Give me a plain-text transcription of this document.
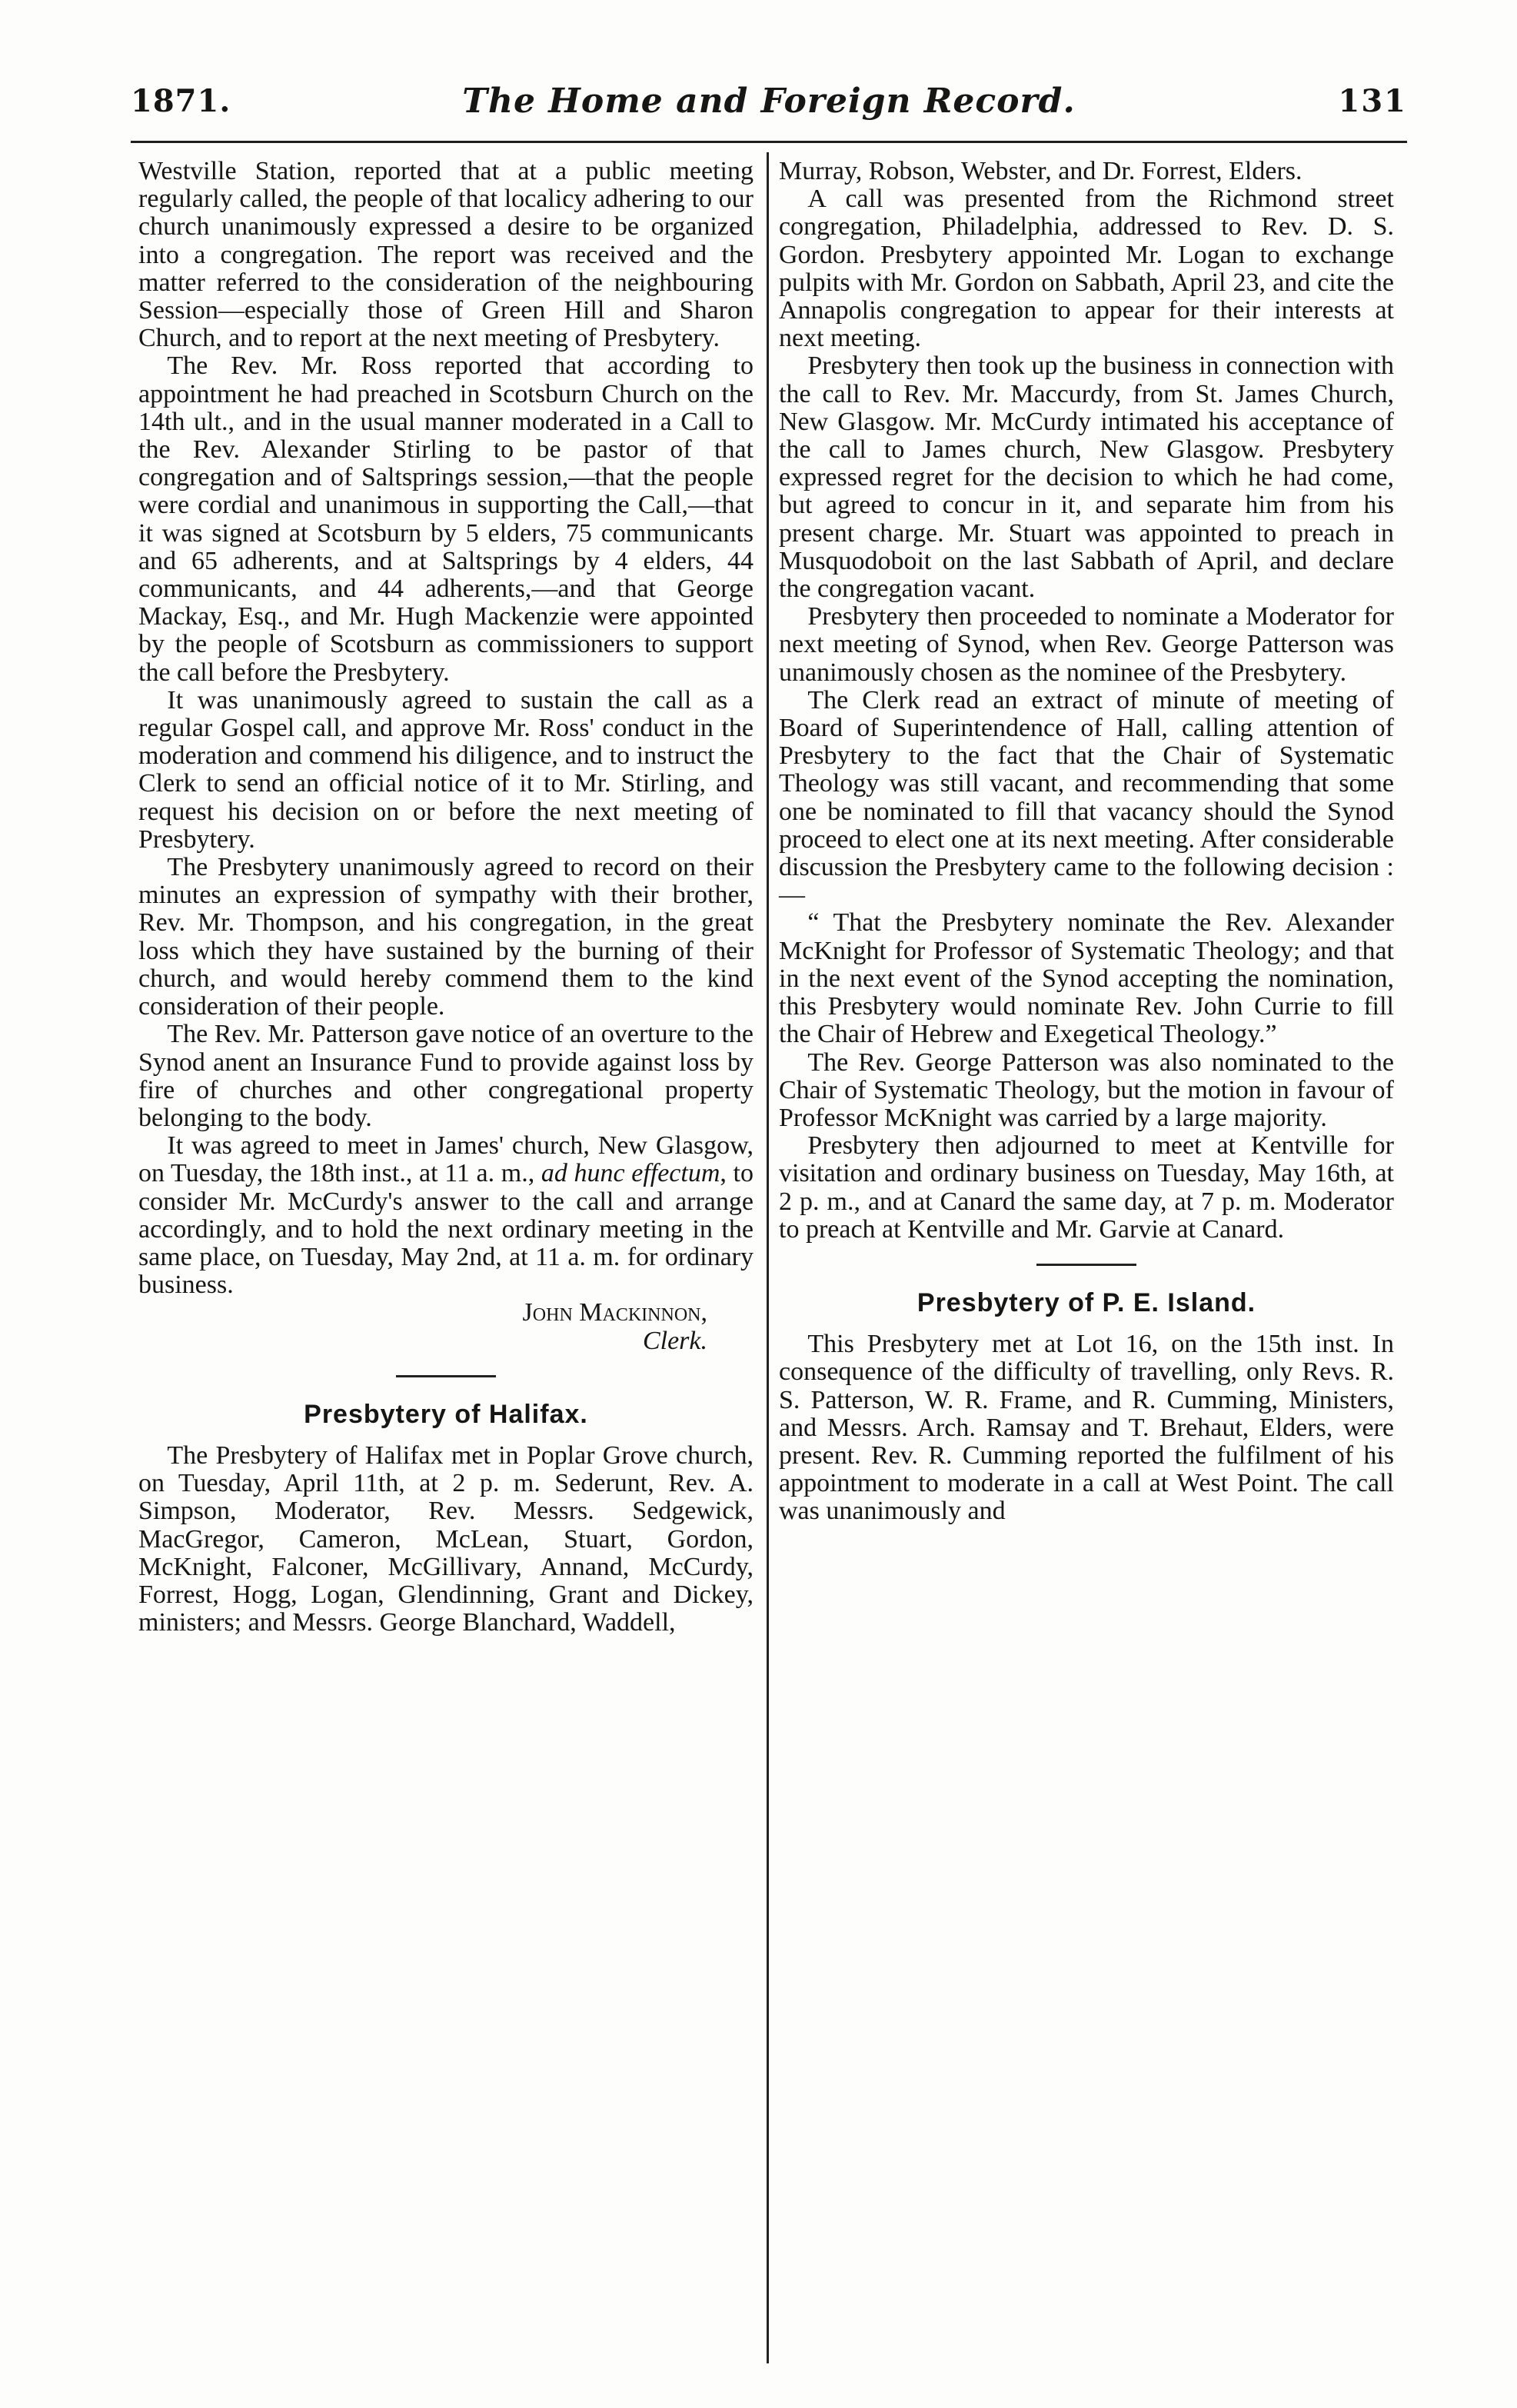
1871.	The Home and Foreign Record.	131

Westville Station, reported that at a public meeting regularly called, the people of that localicy adhering to our church unanimously expressed a desire to be organized into a congregation. The report was received and the matter referred to the consideration of the neighbouring Session—especially those of Green Hill and Sharon Church, and to report at the next meeting of Presbytery.

The Rev. Mr. Ross reported that according to appointment he had preached in Scotsburn Church on the 14th ult., and in the usual manner moderated in a Call to the Rev. Alexander Stirling to be pastor of that congregation and of Saltsprings session,—that the people were cordial and unanimous in supporting the Call,—that it was signed at Scotsburn by 5 elders, 75 communicants and 65 adherents, and at Saltsprings by 4 elders, 44 communicants, and 44 adherents,—and that George Mackay, Esq., and Mr. Hugh Mackenzie were appointed by the people of Scotsburn as commissioners to support the call before the Presbytery.

It was unanimously agreed to sustain the call as a regular Gospel call, and approve Mr. Ross' conduct in the moderation and commend his diligence, and to instruct the Clerk to send an official notice of it to Mr. Stirling, and request his decision on or before the next meeting of Presbytery.

The Presbytery unanimously agreed to record on their minutes an expression of sympathy with their brother, Rev. Mr. Thompson, and his congregation, in the great loss which they have sustained by the burning of their church, and would hereby commend them to the kind consideration of their people.

The Rev. Mr. Patterson gave notice of an overture to the Synod anent an Insurance Fund to provide against loss by fire of churches and other congregational property belonging to the body.

It was agreed to meet in James' church, New Glasgow, on Tuesday, the 18th inst., at 11 a. m., ad hunc effectum, to consider Mr. McCurdy's answer to the call and arrange accordingly, and to hold the next ordinary meeting in the same place, on Tuesday, May 2nd, at 11 a. m. for ordinary business.

John Mackinnon,

Clerk.

Presbytery of Halifax.

The Presbytery of Halifax met in Poplar Grove church, on Tuesday, April 11th, at 2 p. m. Sederunt, Rev. A. Simpson, Moderator, Rev. Messrs. Sedgewick, MacGregor, Cameron, McLean, Stuart, Gordon, McKnight, Falconer, McGillivary, Annand, McCurdy, Forrest, Hogg, Logan, Glendinning, Grant and Dickey, ministers; and Messrs. George Blanchard, Waddell,

Murray, Robson, Webster, and Dr. Forrest, Elders.

A call was presented from the Richmond street congregation, Philadelphia, addressed to Rev. D. S. Gordon. Presbytery appointed Mr. Logan to exchange pulpits with Mr. Gordon on Sabbath, April 23, and cite the Annapolis congregation to appear for their interests at next meeting.

Presbytery then took up the business in connection with the call to Rev. Mr. Maccurdy, from St. James Church, New Glasgow. Mr. McCurdy intimated his acceptance of the call to James church, New Glasgow. Presbytery expressed regret for the decision to which he had come, but agreed to concur in it, and separate him from his present charge. Mr. Stuart was appointed to preach in Musquodoboit on the last Sabbath of April, and declare the congregation vacant.

Presbytery then proceeded to nominate a Moderator for next meeting of Synod, when Rev. George Patterson was unanimously chosen as the nominee of the Presbytery.

The Clerk read an extract of minute of meeting of Board of Superintendence of Hall, calling attention of Presbytery to the fact that the Chair of Systematic Theology was still vacant, and recommending that some one be nominated to fill that vacancy should the Synod proceed to elect one at its next meeting. After considerable discussion the Presbytery came to the following decision :—

“ That the Presbytery nominate the Rev. Alexander McKnight for Professor of Systematic Theology; and that in the next event of the Synod accepting the nomination, this Presbytery would nominate Rev. John Currie to fill the Chair of Hebrew and Exegetical Theology.”

The Rev. George Patterson was also nominated to the Chair of Systematic Theology, but the motion in favour of Professor McKnight was carried by a large majority.

Presbytery then adjourned to meet at Kentville for visitation and ordinary business on Tuesday, May 16th, at 2 p. m., and at Canard the same day, at 7 p. m. Moderator to preach at Kentville and Mr. Garvie at Canard.

Presbytery of P. E. Island.

This Presbytery met at Lot 16, on the 15th inst. In consequence of the difficulty of travelling, only Revs. R. S. Patterson, W. R. Frame, and R. Cumming, Ministers, and Messrs. Arch. Ramsay and T. Brehaut, Elders, were present. Rev. R. Cumming reported the fulfilment of his appointment to moderate in a call at West Point. The call was unanimously and
